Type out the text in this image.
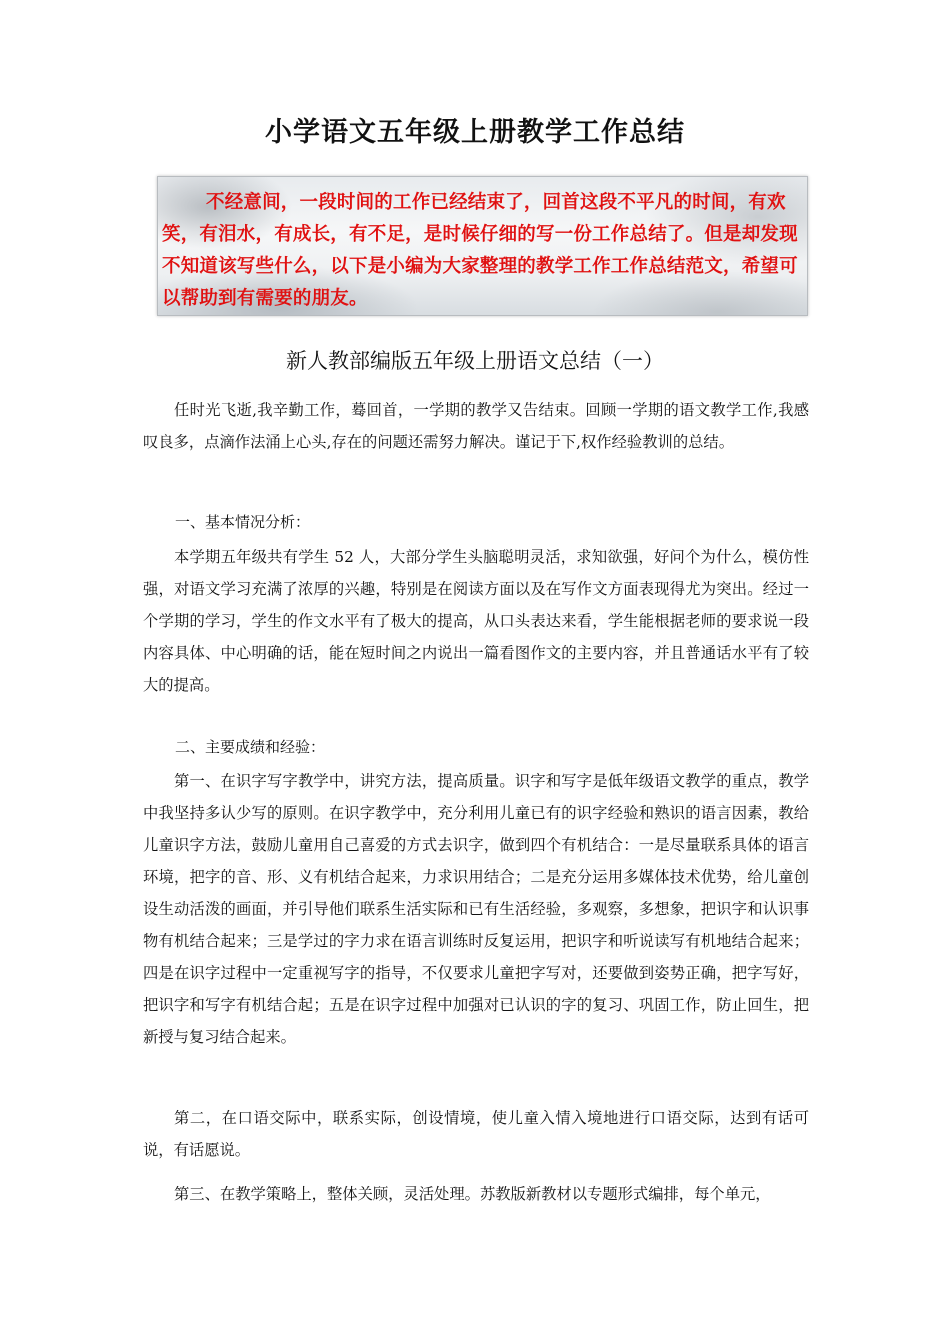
小学语文五年级上册教学工作总结
不经意间，一段时间的工作已经结束了，回首这段不平凡的时间，有欢笑，有泪水，有成长，有不足，是时候仔细的写一份工作总结了。但是却发现不知道该写些什么，以下是小编为大家整理的教学工作工作总结范文，希望可以帮助到有需要的朋友。
新人教部编版五年级上册语文总结（一）

任时光飞逝,我辛勤工作，蓦回首，一学期的教学又告结束。回顾一学期的语文教学工作,我感叹良多，点滴作法涌上心头,存在的问题还需努力解决。谨记于下,权作经验教训的总结。

一、基本情况分析：

本学期五年级共有学生 52 人，大部分学生头脑聪明灵活，求知欲强，好问个为什么，模仿性强，对语文学习充满了浓厚的兴趣，特别是在阅读方面以及在写作文方面表现得尤为突出。经过一个学期的学习，学生的作文水平有了极大的提高，从口头表达来看，学生能根据老师的要求说一段内容具体、中心明确的话，能在短时间之内说出一篇看图作文的主要内容，并且普通话水平有了较大的提高。

二、主要成绩和经验：

第一、在识字写字教学中，讲究方法，提高质量。识字和写字是低年级语文教学的重点，教学中我坚持多认少写的原则。在识字教学中，充分利用儿童已有的识字经验和熟识的语言因素，教给儿童识字方法，鼓励儿童用自己喜爱的方式去识字，做到四个有机结合：一是尽量联系具体的语言环境，把字的音、形、义有机结合起来，力求识用结合；二是充分运用多媒体技术优势，给儿童创设生动活泼的画面，并引导他们联系生活实际和已有生活经验，多观察，多想象，把识字和认识事物有机结合起来；三是学过的字力求在语言训练时反复运用，把识字和听说读写有机地结合起来；四是在识字过程中一定重视写字的指导，不仅要求儿童把字写对，还要做到姿势正确，把字写好，把识字和写字有机结合起；五是在识字过程中加强对已认识的字的复习、巩固工作，防止回生，把新授与复习结合起来。

第二，在口语交际中，联系实际，创设情境，使儿童入情入境地进行口语交际，达到有话可说，有话愿说。

第三、在教学策略上，整体关顾，灵活处理。苏教版新教材以专题形式编排，每个单元，
